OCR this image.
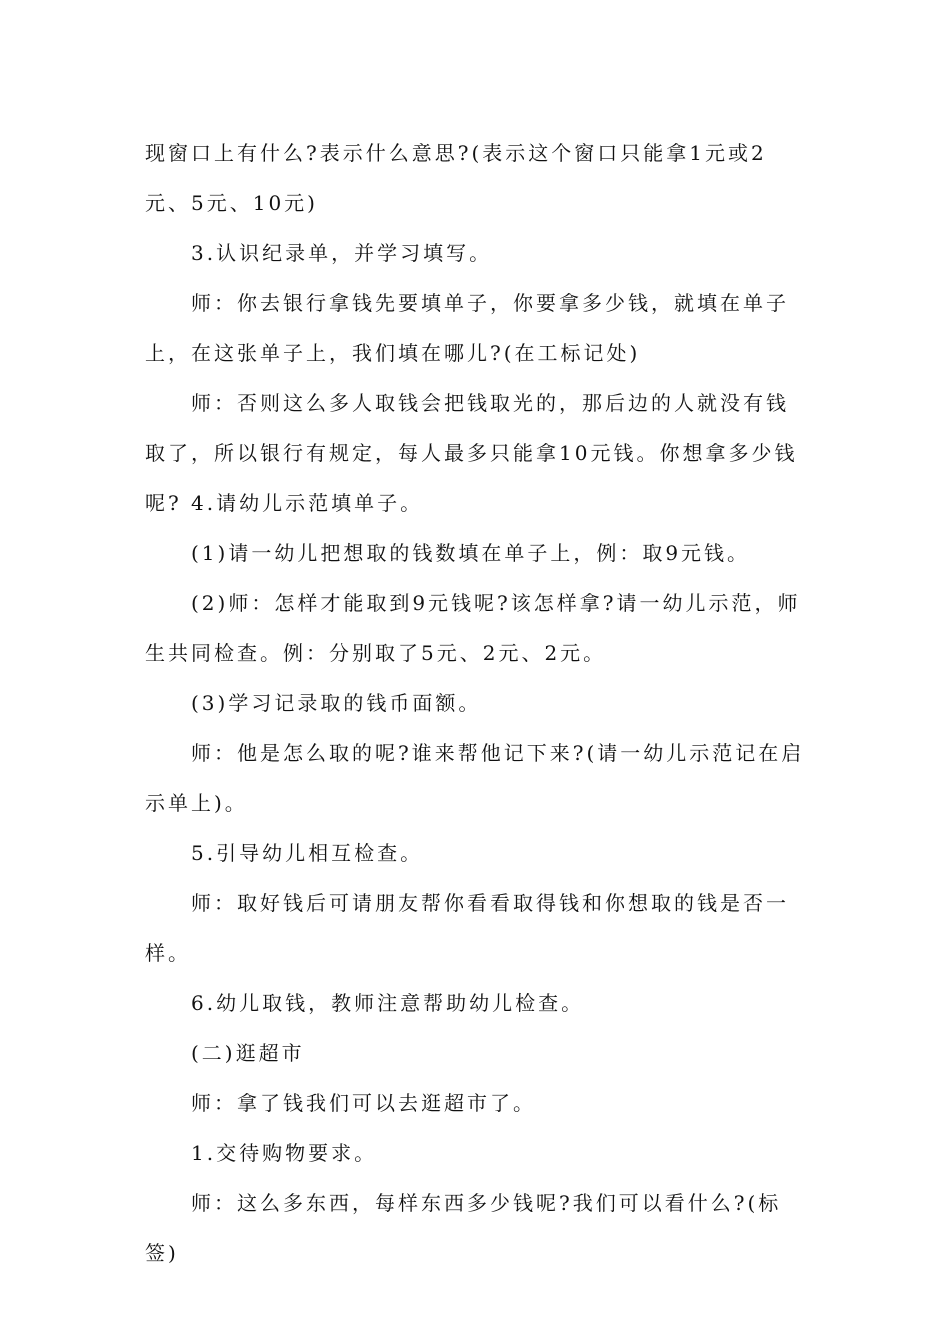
现窗口上有什么?表示什么意思?(表示这个窗口只能拿1元或2元、5元、10元)

3.认识纪录单，并学习填写。

师：你去银行拿钱先要填单子，你要拿多少钱，就填在单子上，在这张单子上，我们填在哪儿?(在工标记处)

师：否则这么多人取钱会把钱取光的，那后边的人就没有钱取了，所以银行有规定，每人最多只能拿10元钱。你想拿多少钱呢? 4.请幼儿示范填单子。

(1)请一幼儿把想取的钱数填在单子上，例：取9元钱。

(2)师：怎样才能取到9元钱呢?该怎样拿?请一幼儿示范，师生共同检查。例：分别取了5元、2元、2元。

(3)学习记录取的钱币面额。

师：他是怎么取的呢?谁来帮他记下来?(请一幼儿示范记在启示单上)。

5.引导幼儿相互检查。

师：取好钱后可请朋友帮你看看取得钱和你想取的钱是否一样。

6.幼儿取钱，教师注意帮助幼儿检查。

(二)逛超市

师：拿了钱我们可以去逛超市了。

1.交待购物要求。

师：这么多东西，每样东西多少钱呢?我们可以看什么?(标签)
